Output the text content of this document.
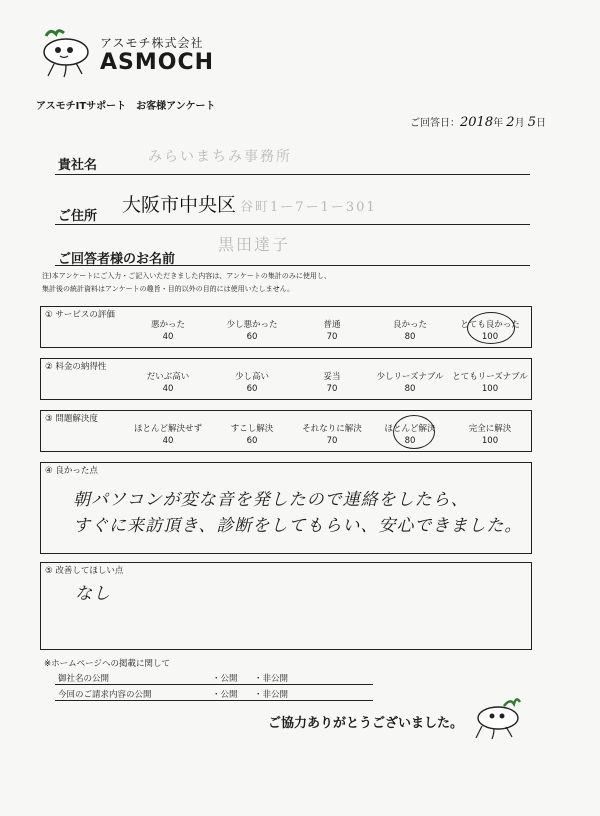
アスモチ株式会社
ASMOCH
アスモチITサポート　お客様アンケート
ご回答日：2018年 2月 5日
貴社名
みらいまちみ事務所
ご住所
大阪市中央区 谷町1ー7ー1ー301
ご回答者様のお名前
黒田達子
注)本アンケートにご入力・ご記入いただきました内容は、アンケートの集計のみに使用し、
集計後の統計資料はアンケートの趣旨・目的以外の目的には使用いたしません。
① サービスの評価
悪かった
40
少し悪かった
60
普通
70
良かった
80
とても良かった
100
② 料金の納得性
だいぶ高い
40
少し高い
60
妥当
70
少しリーズナブル
80
とてもリーズナブル
100
③ 問題解決度
ほとんど解決せず
40
すこし解決
60
それなりに解決
70
ほとんど解決
80
完全に解決
100
④ 良かった点
朝パソコンが変な音を発したので連絡をしたら、
すぐに来訪頂き、診断をしてもらい、安心できました。
⑤ 改善してほしい点
なし
※ホームページへの掲載に関して
御社名の公開	・公開 ・非公開
今回のご請求内容の公開	・公開 ・非公開
ご協力ありがとうございました。
